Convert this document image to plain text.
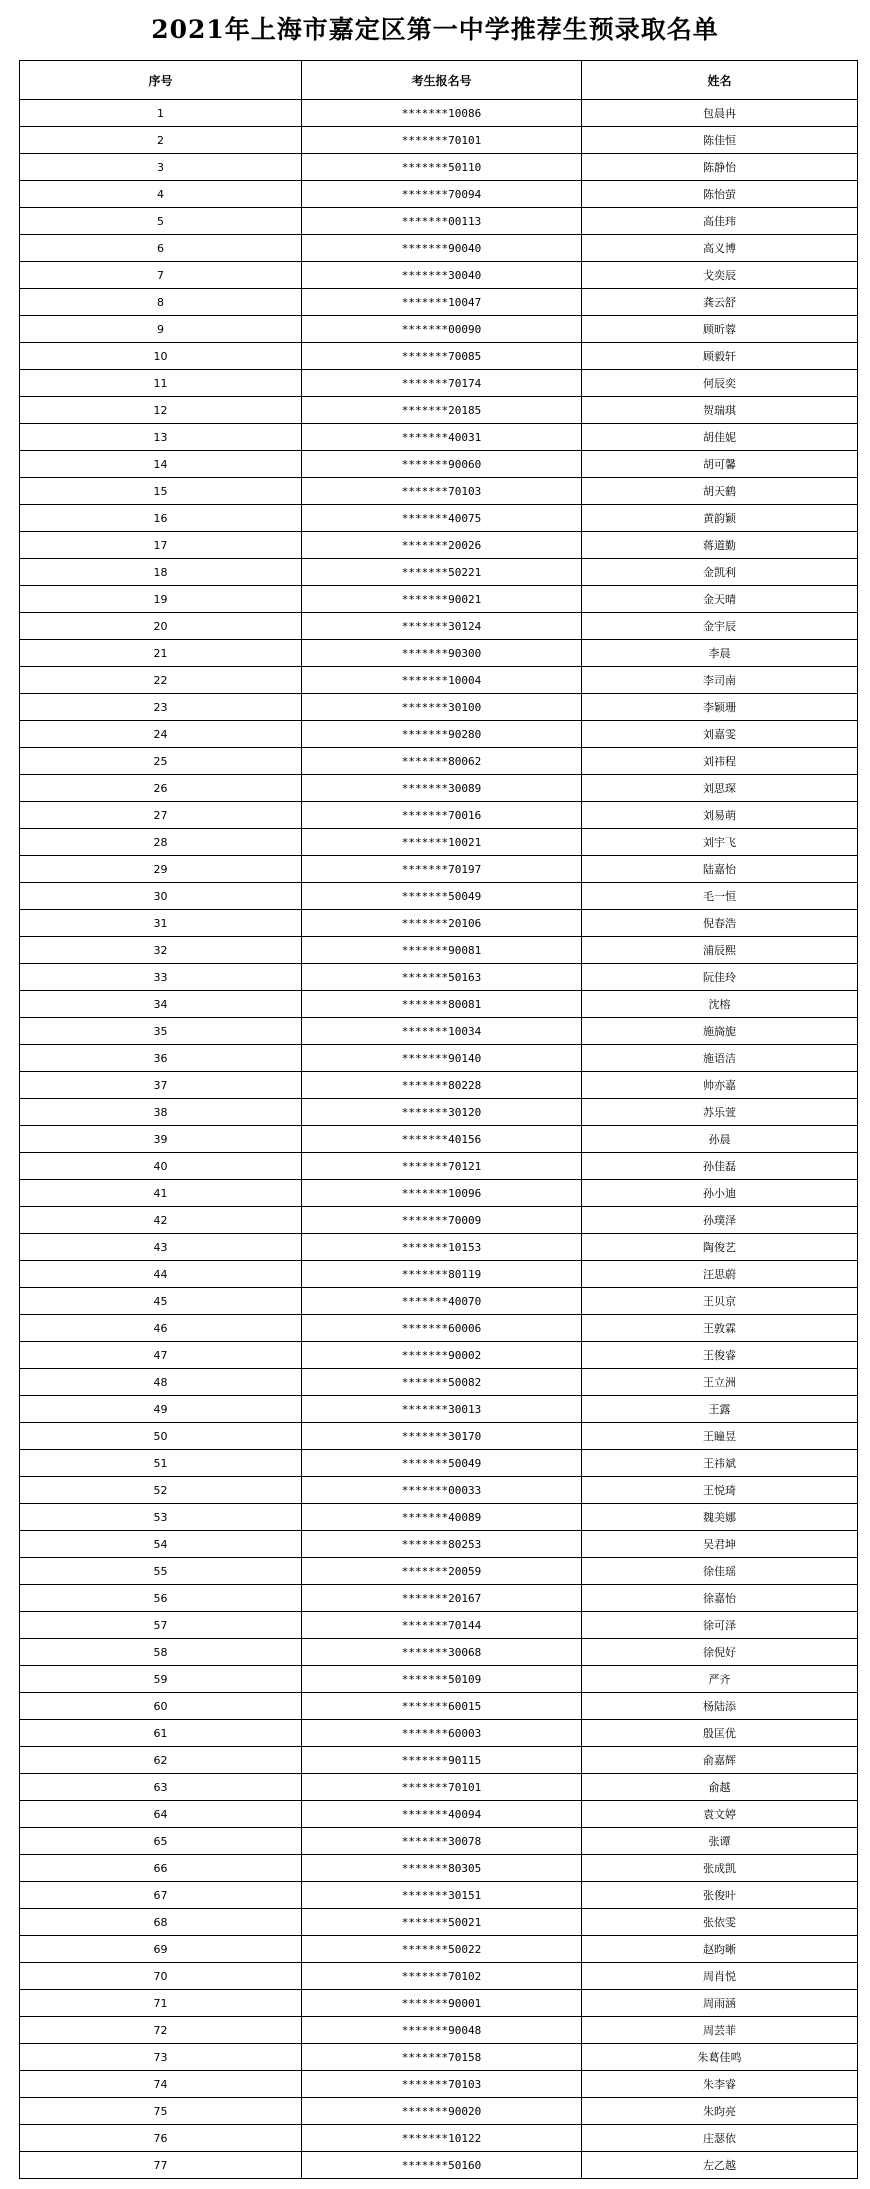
2021年上海市嘉定区第一中学推荐生预录取名单
序号	考生报名号	姓名
1	*******10086	包晨冉
2	*******70101	陈佳恒
3	*******50110	陈静怡
4	*******70094	陈怡萤
5	*******00113	高佳玮
6	*******90040	高义博
7	*******30040	戈奕辰
8	*******10047	龚云舒
9	*******00090	顾昕蓉
10	*******70085	顾毅轩
11	*******70174	何辰奕
12	*******20185	贺瑞琪
13	*******40031	胡佳妮
14	*******90060	胡可馨
15	*******70103	胡天鹤
16	*******40075	黄韵颖
17	*******20026	蒋道勤
18	*******50221	金凯利
19	*******90021	金天晴
20	*******30124	金宇辰
21	*******90300	李晨
22	*******10004	李司南
23	*******30100	李颖珊
24	*******90280	刘嘉雯
25	*******80062	刘祎程
26	*******30089	刘思琛
27	*******70016	刘易萌
28	*******10021	刘宇飞
29	*******70197	陆嘉怡
30	*******50049	毛一恒
31	*******20106	倪春浩
32	*******90081	浦辰熙
33	*******50163	阮佳玲
34	*******80081	沈榕
35	*******10034	施旖旎
36	*******90140	施语洁
37	*******80228	帅亦嘉
38	*******30120	苏乐萱
39	*******40156	孙晨
40	*******70121	孙佳磊
41	*******10096	孙小迪
42	*******70009	孙璞泽
43	*******10153	陶俊艺
44	*******80119	汪思蔚
45	*******40070	王贝京
46	*******60006	王敦霖
47	*******90002	王俊睿
48	*******50082	王立洲
49	*******30013	王露
50	*******30170	王瞳昱
51	*******50049	王祎斌
52	*******00033	王悦琦
53	*******40089	魏美娜
54	*******80253	吴君坤
55	*******20059	徐佳瑶
56	*******20167	徐嘉怡
57	*******70144	徐可泽
58	*******30068	徐倪好
59	*******50109	严齐
60	*******60015	杨陆添
61	*******60003	殷匡优
62	*******90115	俞嘉辉
63	*******70101	俞越
64	*******40094	袁文婷
65	*******30078	张谭
66	*******80305	张成凯
67	*******30151	张俊叶
68	*******50021	张依雯
69	*******50022	赵昀晰
70	*******70102	周肖悦
71	*******90001	周雨涵
72	*******90048	周芸菲
73	*******70158	朱葛佳鸣
74	*******70103	朱李睿
75	*******90020	朱昀亮
76	*******10122	庄瑟依
77	*******50160	左乙越
